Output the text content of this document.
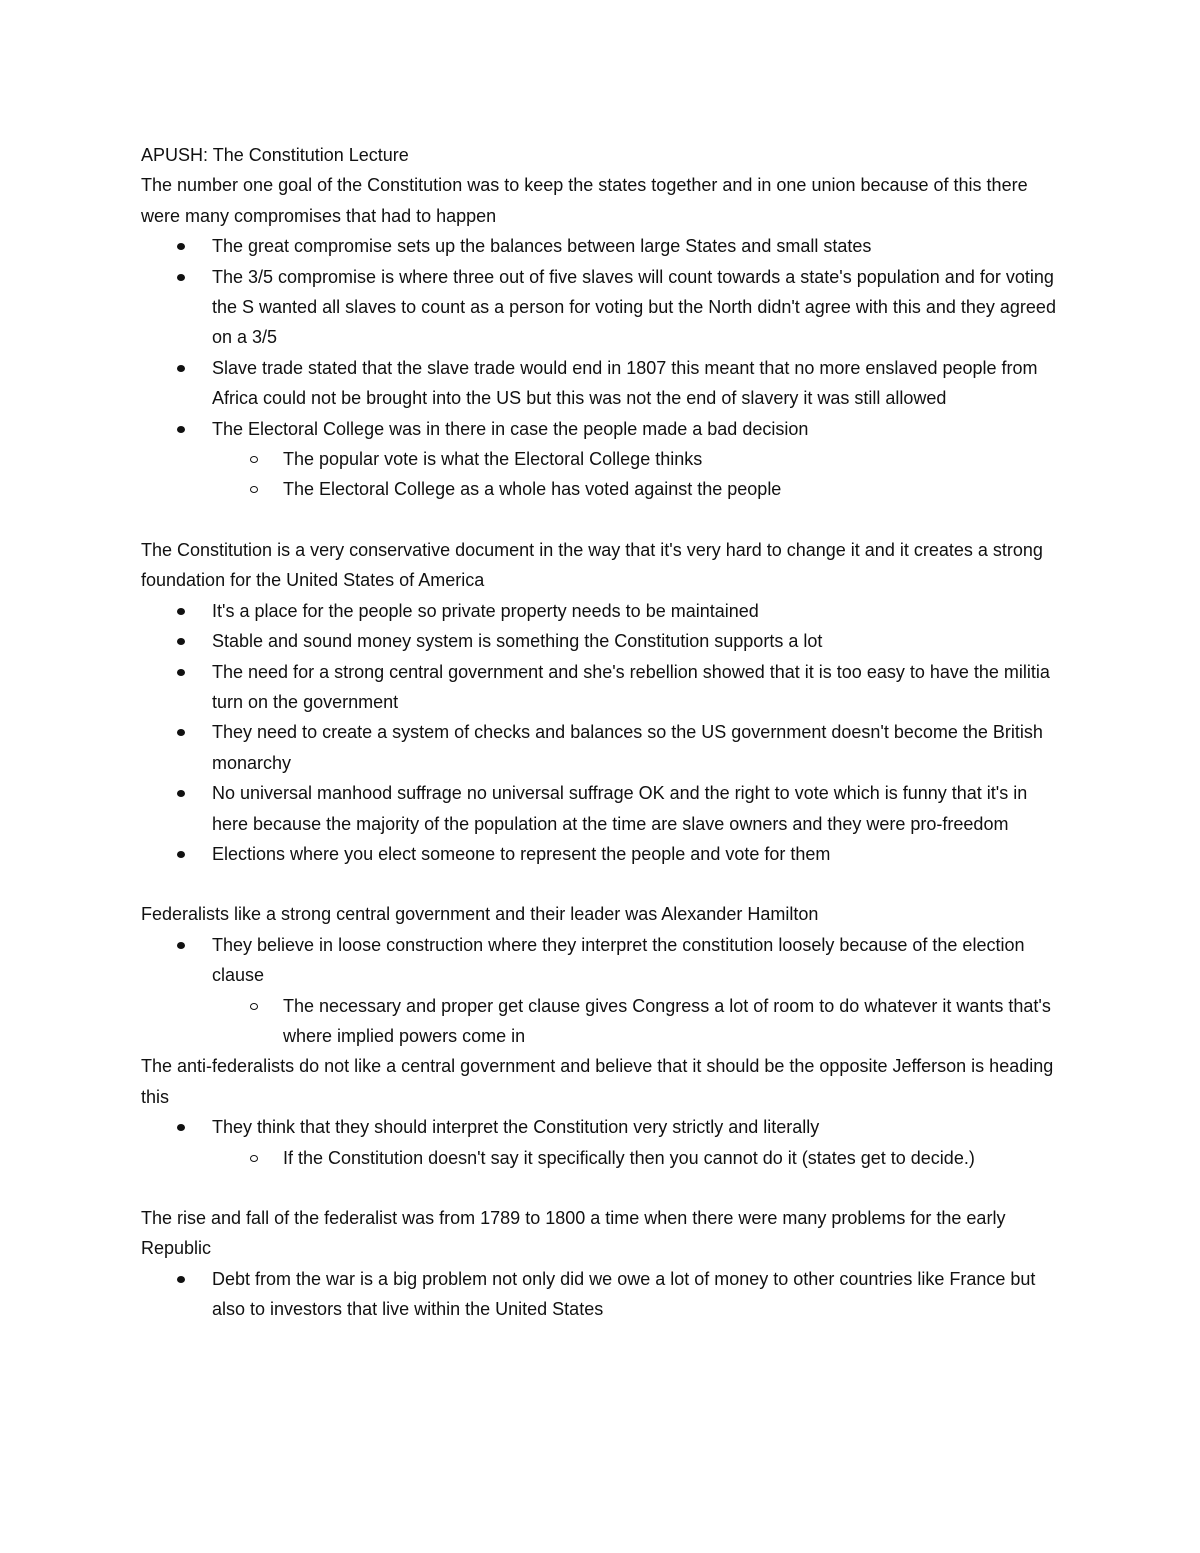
APUSH: The Constitution Lecture

The number one goal of the Constitution was to keep the states together and in one union because of this there were many compromises that had to happen

The great compromise sets up the balances between large States and small states
The 3/5 compromise is where three out of five slaves will count towards a state's population and for voting the S wanted all slaves to count as a person for voting but the North didn't agree with this and they agreed on a 3/5
Slave trade stated that the slave trade would end in 1807 this meant that no more enslaved people from Africa could not be brought into the US but this was not the end of slavery it was still allowed
The Electoral College was in there in case the people made a bad decision
The popular vote is what the Electoral College thinks
The Electoral College as a whole has voted against the people

The Constitution is a very conservative document in the way that it's very hard to change it and it creates a strong foundation for the United States of America

It's a place for the people so private property needs to be maintained
Stable and sound money system is something the Constitution supports a lot
The need for a strong central government and she's rebellion showed that it is too easy to have the militia turn on the government
They need to create a system of checks and balances so the US government doesn't become the British monarchy
No universal manhood suffrage no universal suffrage OK and the right to vote which is funny that it's in here because the majority of the population at the time are slave owners and they were pro-freedom
Elections where you elect someone to represent the people and vote for them

Federalists like a strong central government and their leader was Alexander Hamilton

They believe in loose construction where they interpret the constitution loosely because of the election clause
The necessary and proper get clause gives Congress a lot of room to do whatever it wants that's where implied powers come in

The anti-federalists do not like a central government and believe that it should be the opposite Jefferson is heading this

They think that they should interpret the Constitution very strictly and literally
If the Constitution doesn't say it specifically then you cannot do it (states get to decide.)

The rise and fall of the federalist was from 1789 to 1800 a time when there were many problems for the early Republic

Debt from the war is a big problem not only did we owe a lot of money to other countries like France but also to investors that live within the United States
